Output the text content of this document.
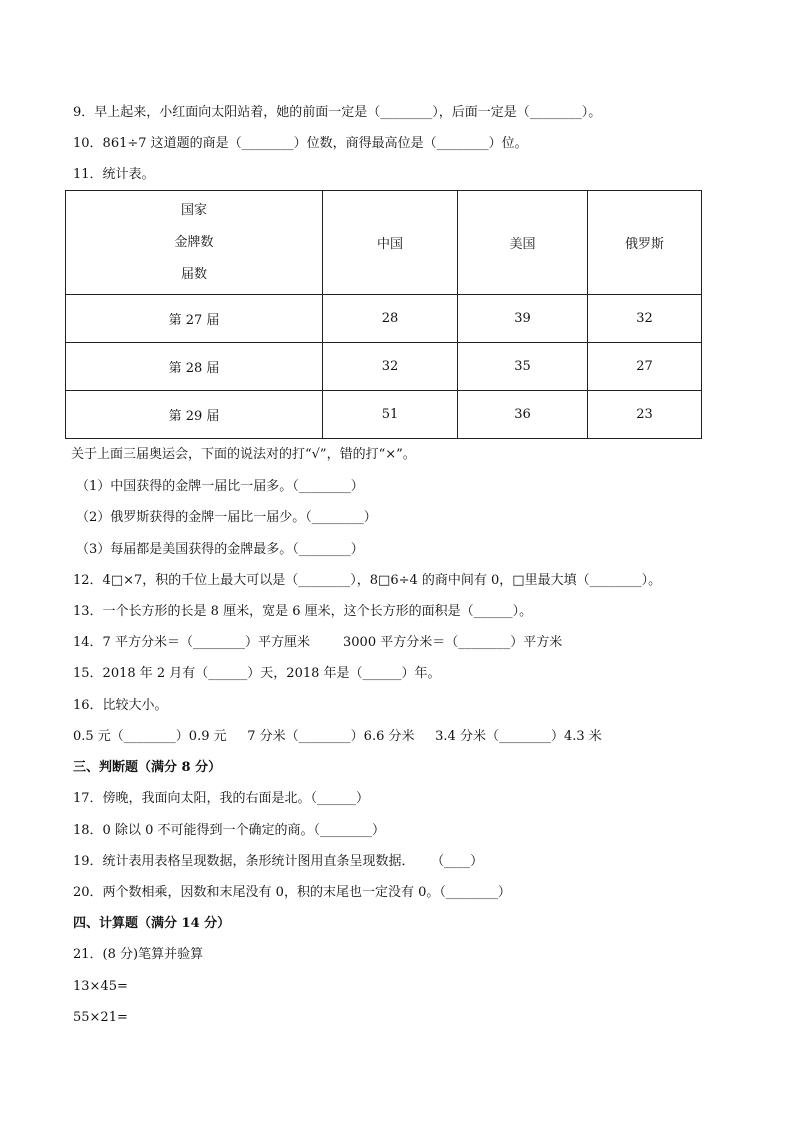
9．早上起来，小红面向太阳站着，她的前面一定是（________），后面一定是（________）。
10．861÷7 这道题的商是（________）位数，商得最高位是（________）位。
11．统计表。
国家
金牌数
届数	中国	美国	俄罗斯
第 27 届	28	39	32
第 28 届	32	35	27
第 29 届	51	36	23
关于上面三届奥运会，下面的说法对的打“√”，错的打“×”。
（1）中国获得的金牌一届比一届多。（________）
（2）俄罗斯获得的金牌一届比一届少。（________）
（3）每届都是美国获得的金牌最多。（________）
12．4□×7，积的千位上最大可以是（________），8□6÷4 的商中间有 0，□里最大填（________）。
13．一个长方形的长是 8 厘米，宽是 6 厘米，这个长方形的面积是（______）。
14．7 平方分米＝（________）平方厘米        3000 平方分米＝（________）平方米
15．2018 年 2 月有（______）天，2018 年是（______）年。
16．比较大小。
0.5 元（________）0.9 元     7 分米（________）6.6 分米     3.4 分米（________）4.3 米
三、判断题（满分 8 分）
17．傍晚，我面向太阳，我的右面是北。（______）
18．0 除以 0 不可能得到一个确定的商。（________）
19．统计表用表格呈现数据，条形统计图用直条呈现数据．    （____）
20．两个数相乘，因数和末尾没有 0，积的末尾也一定没有 0。（________）
四、计算题（满分 14 分）
21．(8 分)笔算并验算
13×45=
55×21=
